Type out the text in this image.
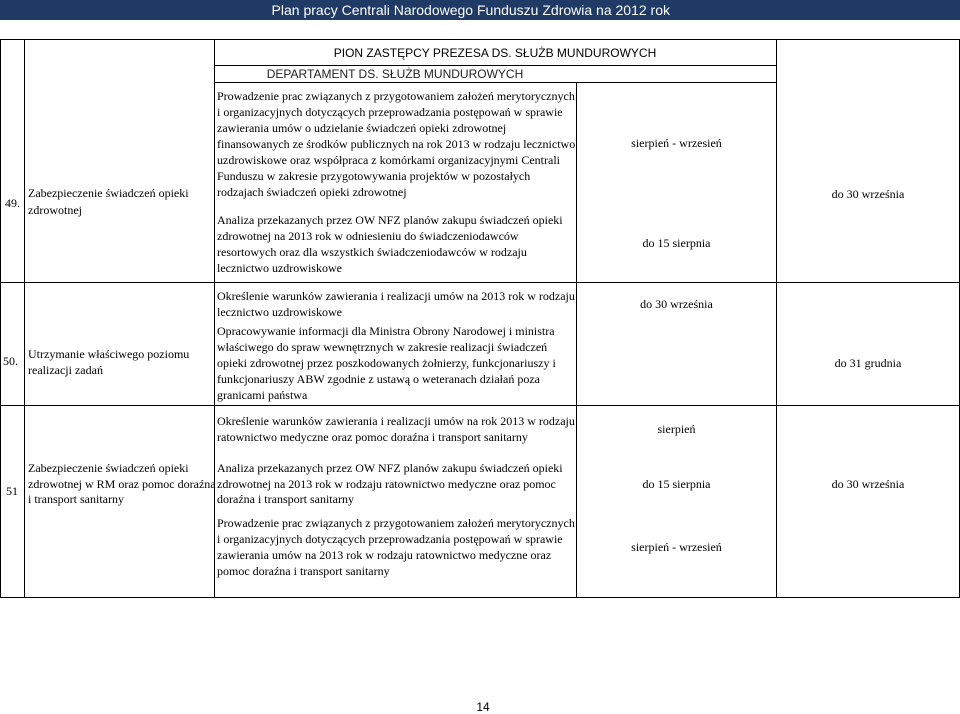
Plan pracy Centrali Narodowego Funduszu Zdrowia na 2012 rok
PION ZASTĘPCY PREZESA DS. SŁUŻB MUNDUROWYCH
DEPARTAMENT DS. SŁUŻB MUNDUROWYCH
49.
Zabezpieczenie świadczeń opieki
zdrowotnej
Prowadzenie prac związanych z przygotowaniem założeń merytorycznych
i organizacyjnych dotyczących przeprowadzania postępowań w sprawie
zawierania umów o udzielanie świadczeń opieki zdrowotnej
finansowanych ze środków publicznych na rok 2013 w rodzaju lecznictwo
uzdrowiskowe oraz współpraca z komórkami organizacyjnymi Centrali
Funduszu w zakresie przygotowywania projektów w pozostałych
rodzajach świadczeń opieki zdrowotnej
sierpień - wrzesień
Analiza przekazanych przez OW NFZ planów zakupu świadczeń opieki
zdrowotnej na 2013 rok w odniesieniu do świadczeniodawców
resortowych oraz dla wszystkich świadczeniodawców w rodzaju
lecznictwo uzdrowiskowe
do 15 sierpnia
do 30 września
50. Utrzymanie właściwego poziomu
realizacji zadań
Określenie warunków zawierania i realizacji umów na 2013 rok w rodzaju
lecznictwo uzdrowiskowe
do 30 września
Opracowywanie informacji dla Ministra Obrony Narodowej i ministra
właściwego do spraw wewnętrznych w zakresie realizacji świadczeń
opieki zdrowotnej przez poszkodowanych żołnierzy, funkcjonariuszy i
funkcjonariuszy ABW zgodnie z ustawą o weteranach działań poza
granicami państwa
do 31 grudnia
51
Zabezpieczenie świadczeń opieki
zdrowotnej w RM oraz pomoc doraźna
i transport sanitarny
Określenie warunków zawierania i realizacji umów na rok 2013 w rodzaju
ratownictwo medyczne oraz pomoc doraźna i transport sanitarny
sierpień
Analiza przekazanych przez OW NFZ planów zakupu świadczeń opieki
zdrowotnej na 2013 rok w rodzaju ratownictwo medyczne oraz pomoc
doraźna i transport sanitarny
do 15 sierpnia
Prowadzenie prac związanych z przygotowaniem założeń merytorycznych
i organizacyjnych dotyczących przeprowadzania postępowań w sprawie
zawierania umów na 2013 rok w rodzaju ratownictwo medyczne oraz
pomoc doraźna i transport sanitarny
sierpień - wrzesień
do 30 września
14
